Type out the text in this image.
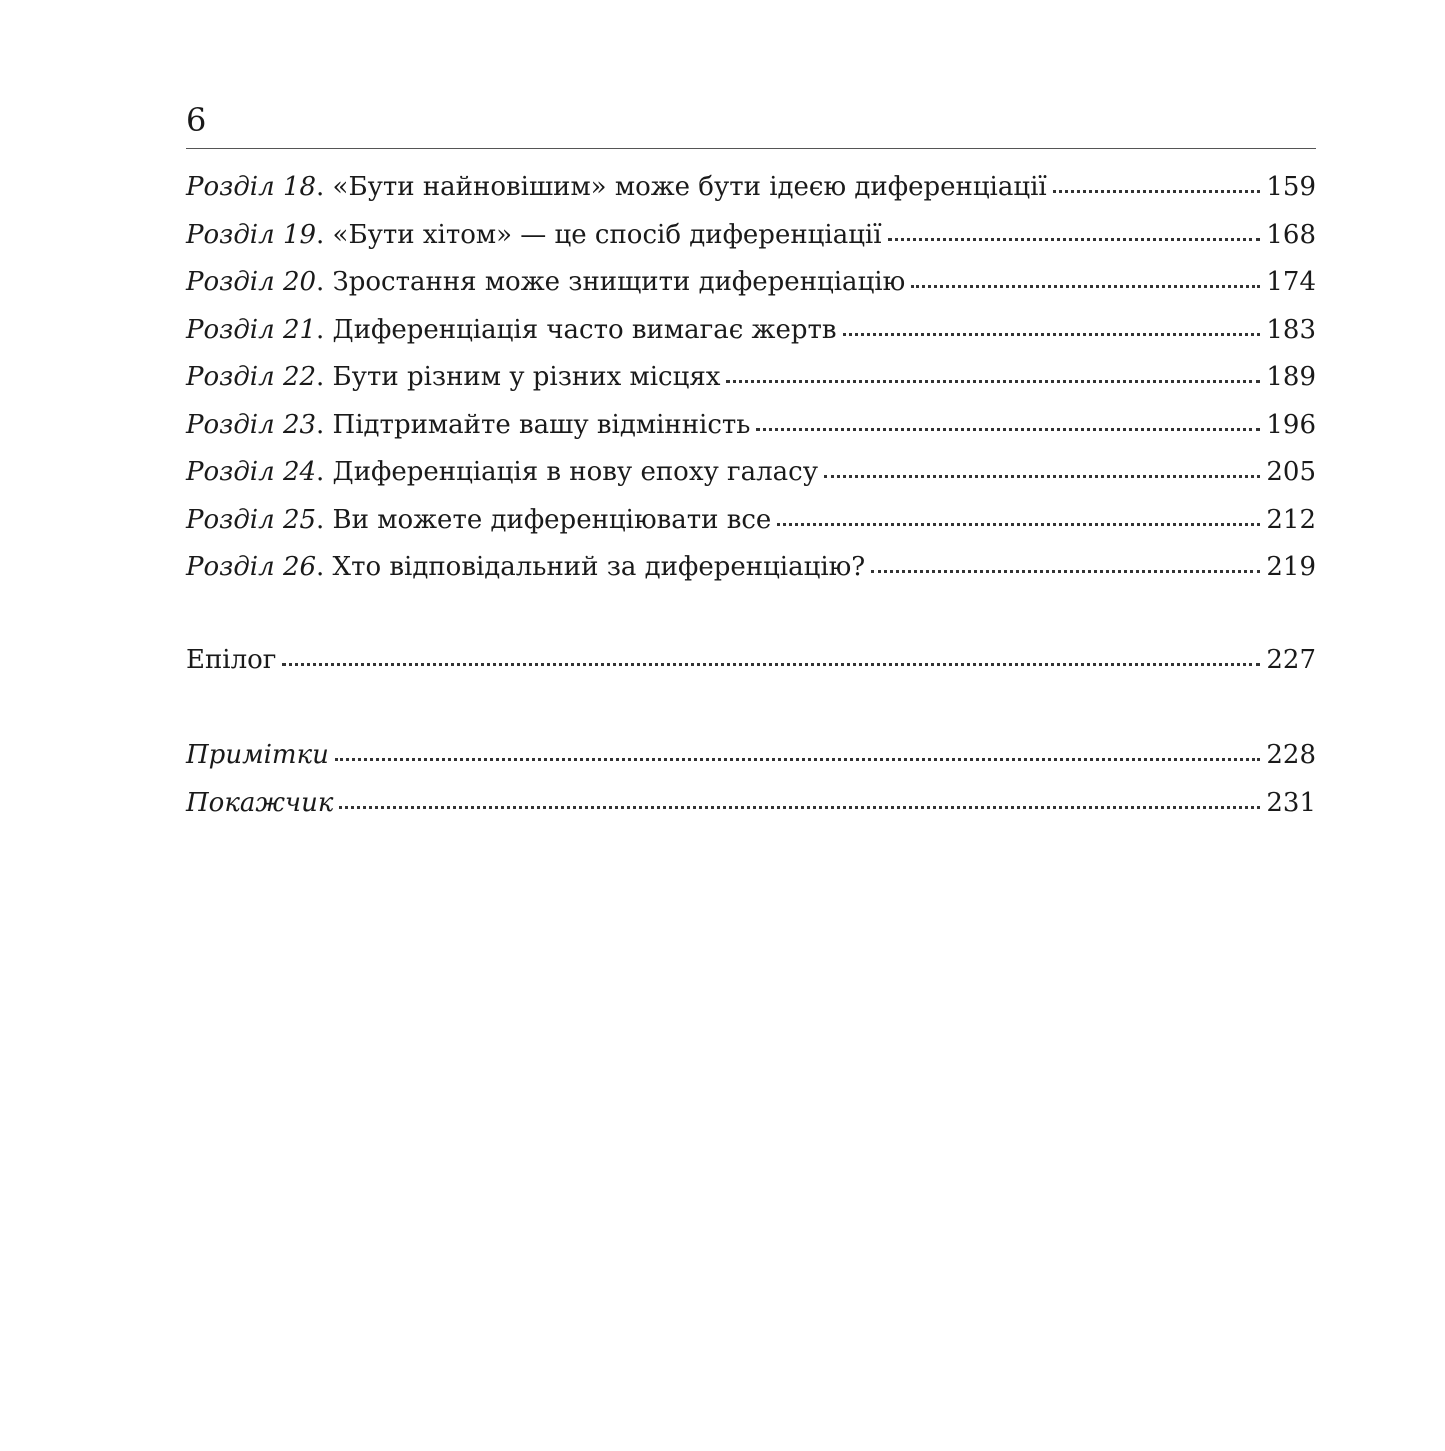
6
Розділ 18. «Бути найновішим» може бути ідеєю диференціації	159
Розділ 19. «Бути хітом» — це спосіб диференціації	168
Розділ 20. Зростання може знищити диференціацію	174
Розділ 21. Диференціація часто вимагає жертв	183
Розділ 22. Бути різним у різних місцях	189
Розділ 23. Підтримайте вашу відмінність	196
Розділ 24. Диференціація в нову епоху галасу	205
Розділ 25. Ви можете диференціювати все	212
Розділ 26. Хто відповідальний за диференціацію?	219
Епілог	227
Примітки	228
Покажчик	231
